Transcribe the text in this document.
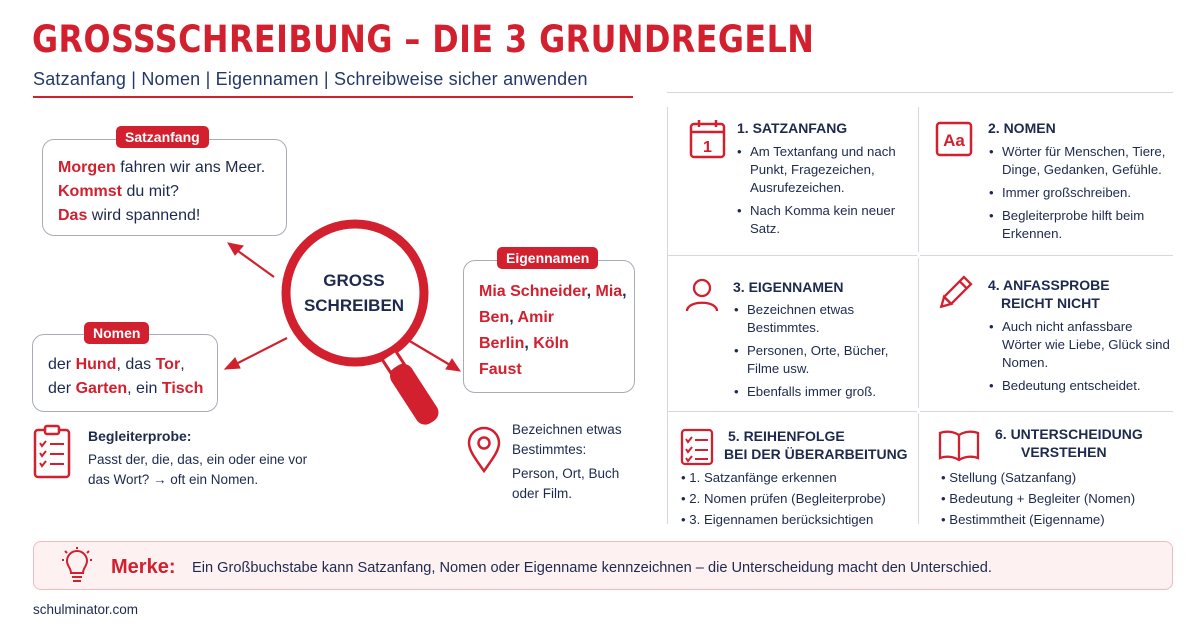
GROSSSCHREIBUNG – DIE 3 GRUNDREGELN
Satzanfang | Nomen | Eigennamen | Schreibweise sicher anwenden
GROSS
SCHREIBEN
Morgen fahren wir ans Meer.
Kommst du mit?
Das wird spannend!
Satzanfang
der Hund, das Tor,
der Garten, ein Tisch
Nomen
Mia Schneider, Mia,
Ben, Amir
Berlin, Köln
Faust
Eigennamen
Begleiterprobe:
Passt der, die, das, ein oder eine vor das Wort? → oft ein Nomen.
Bezeichnen etwas Bestimmtes:
Person, Ort, Buch oder Film.
1
1. SATZANFANG
• Am Textanfang und nach Punkt, Fragezeichen, Ausrufezeichen.
• Nach Komma kein neuer Satz.
Aa
2. NOMEN
• Wörter für Menschen, Tiere, Dinge, Gedanken, Gefühle.
• Immer großschreiben.
• Begleiterprobe hilft beim Erkennen.
3. EIGENNAMEN
• Bezeichnen etwas Bestimmtes.
• Personen, Orte, Bücher, Filme usw.
• Ebenfalls immer groß.
4. ANFASSPROBE
REICHT NICHT
• Auch nicht anfassbare Wörter wie Liebe, Glück sind Nomen.
• Bedeutung entscheidet.
5. REIHENFOLGE
BEI DER ÜBERARBEITUNG
• 1. Satzanfänge erkennen
• 2. Nomen prüfen (Begleiterprobe)
• 3. Eigennamen berücksichtigen
6. UNTERSCHEIDUNG
VERSTEHEN
• Stellung (Satzanfang)
• Bedeutung + Begleiter (Nomen)
• Bestimmtheit (Eigenname)
Merke: Ein Großbuchstabe kann Satzanfang, Nomen oder Eigenname kennzeichnen – die Unterscheidung macht den Unterschied.
schulminator.com
